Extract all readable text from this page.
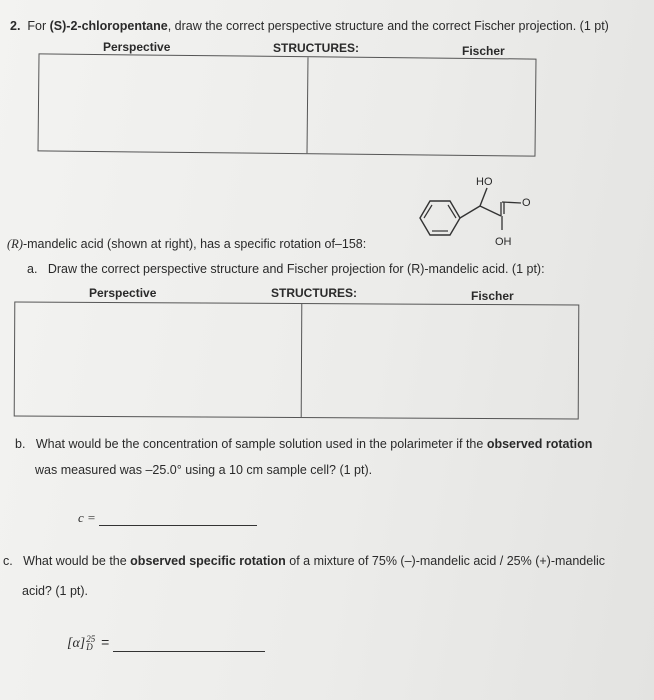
2. For (S)-2-chloropentane, draw the correct perspective structure and the correct Fischer projection. (1 pt)
Perspective	STRUCTURES:	Fischer
HO
O
OH
(R)-mandelic acid (shown at right), has a specific rotation of–158:
a. Draw the correct perspective structure and Fischer projection for (R)-mandelic acid. (1 pt):
Perspective	STRUCTURES:	Fischer
b. What would be the concentration of sample solution used in the polarimeter if the observed rotation
was measured was –25.0° using a 10 cm sample cell? (1 pt).
c =
c. What would be the observed specific rotation of a mixture of 75% (–)-mandelic acid / 25% (+)-mandelic
acid? (1 pt).
[α] 25
D =
